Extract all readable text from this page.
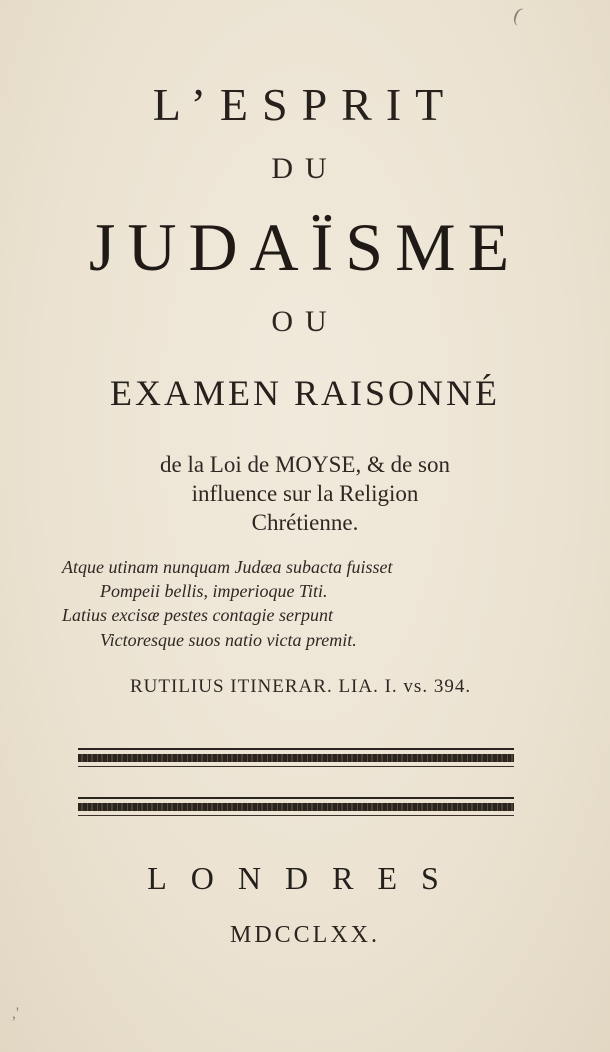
(
L’ESPRIT
DU
JUDAÏSME
OU
EXAMEN RAISONNÉ
de la Loi de MOYSE, & de son
influence sur la Religion
Chrétienne.
Atque utinam nunquam Judæa subacta fuisset
Pompeii bellis, imperioque Titi.
Latius excisæ pestes contagie serpunt
Victoresque suos natio victa premit.
RUTILIUS ITINERAR. LIA. I. vs. 394.
LONDRES
MDCCLXX.
,'
